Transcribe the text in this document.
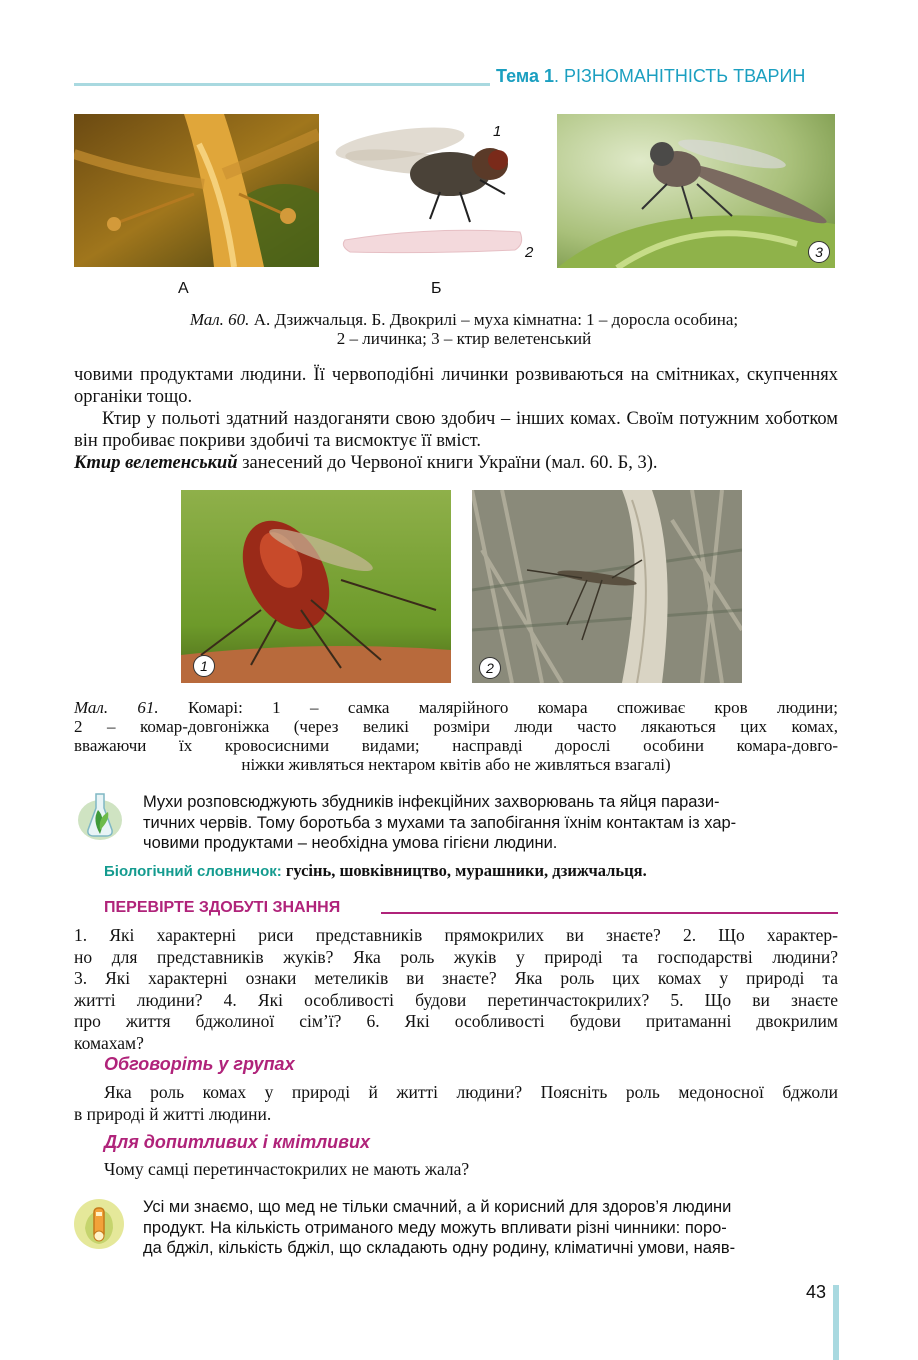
Тема 1. РІЗНОМАНІТНІСТЬ ТВАРИН
1
2	3
А	Б
Мал. 60. А. Дзижчальця. Б. Двокрилі – муха кімнатна: 1 – доросла особина;
2 – личинка; 3 – ктир велетенський
човими продуктами людини. Її червоподібні личинки розвиваються на смітниках, скупченнях органіки тощо.
Ктир у польоті здатний наздоганяти свою здобич – інших комах. Своїм потужним хоботком він пробиває покриви здобичі та висмоктує її вміст.
Ктир велетенський занесений до Червоної книги України (мал. 60. Б, 3).
1	2
Мал. 61. Комарі: 1 – самка малярійного комара споживає кров людини;
2 – комар-довгоніжка (через великі розміри люди часто лякаються цих комах,
вважаючи їх кровосисними видами; насправді дорослі особини комара-довго-
ніжки живляться нектаром квітів або не живляться взагалі)
Мухи розповсюджують збудників інфекційних захворювань та яйця парази-
тичних червів. Тому боротьба з мухами та запобігання їхнім контактам із хар-
човими продуктами – необхідна умова гігієни людини.
Біологічний словничок: гусінь, шовківництво, мурашники, дзижчальця.
ПЕРЕВІРТЕ ЗДОБУТІ ЗНАННЯ
1. Які характерні риси представників прямокрилих ви знаєте? 2. Що характер-
но для представників жуків? Яка роль жуків у природі та господарстві людини?
3. Які характерні ознаки метеликів ви знаєте? Яка роль цих комах у природі та
житті людини? 4. Які особливості будови перетинчастокрилих? 5. Що ви знаєте
про життя бджолиної сім’ї? 6. Які особливості будови притаманні двокрилим
комахам?
Обговоріть у групах
Яка роль комах у природі й житті людини? Поясніть роль медоносної бджоли
в природі й житті людини.
Для допитливих і кмітливих
Чому самці перетинчастокрилих не мають жала?
Усі ми знаємо, що мед не тільки смачний, а й корисний для здоров’я людини
продукт. На кількість отриманого меду можуть впливати різні чинники: поро-
да бджіл, кількість бджіл, що складають одну родину, кліматичні умови, наяв-
43
